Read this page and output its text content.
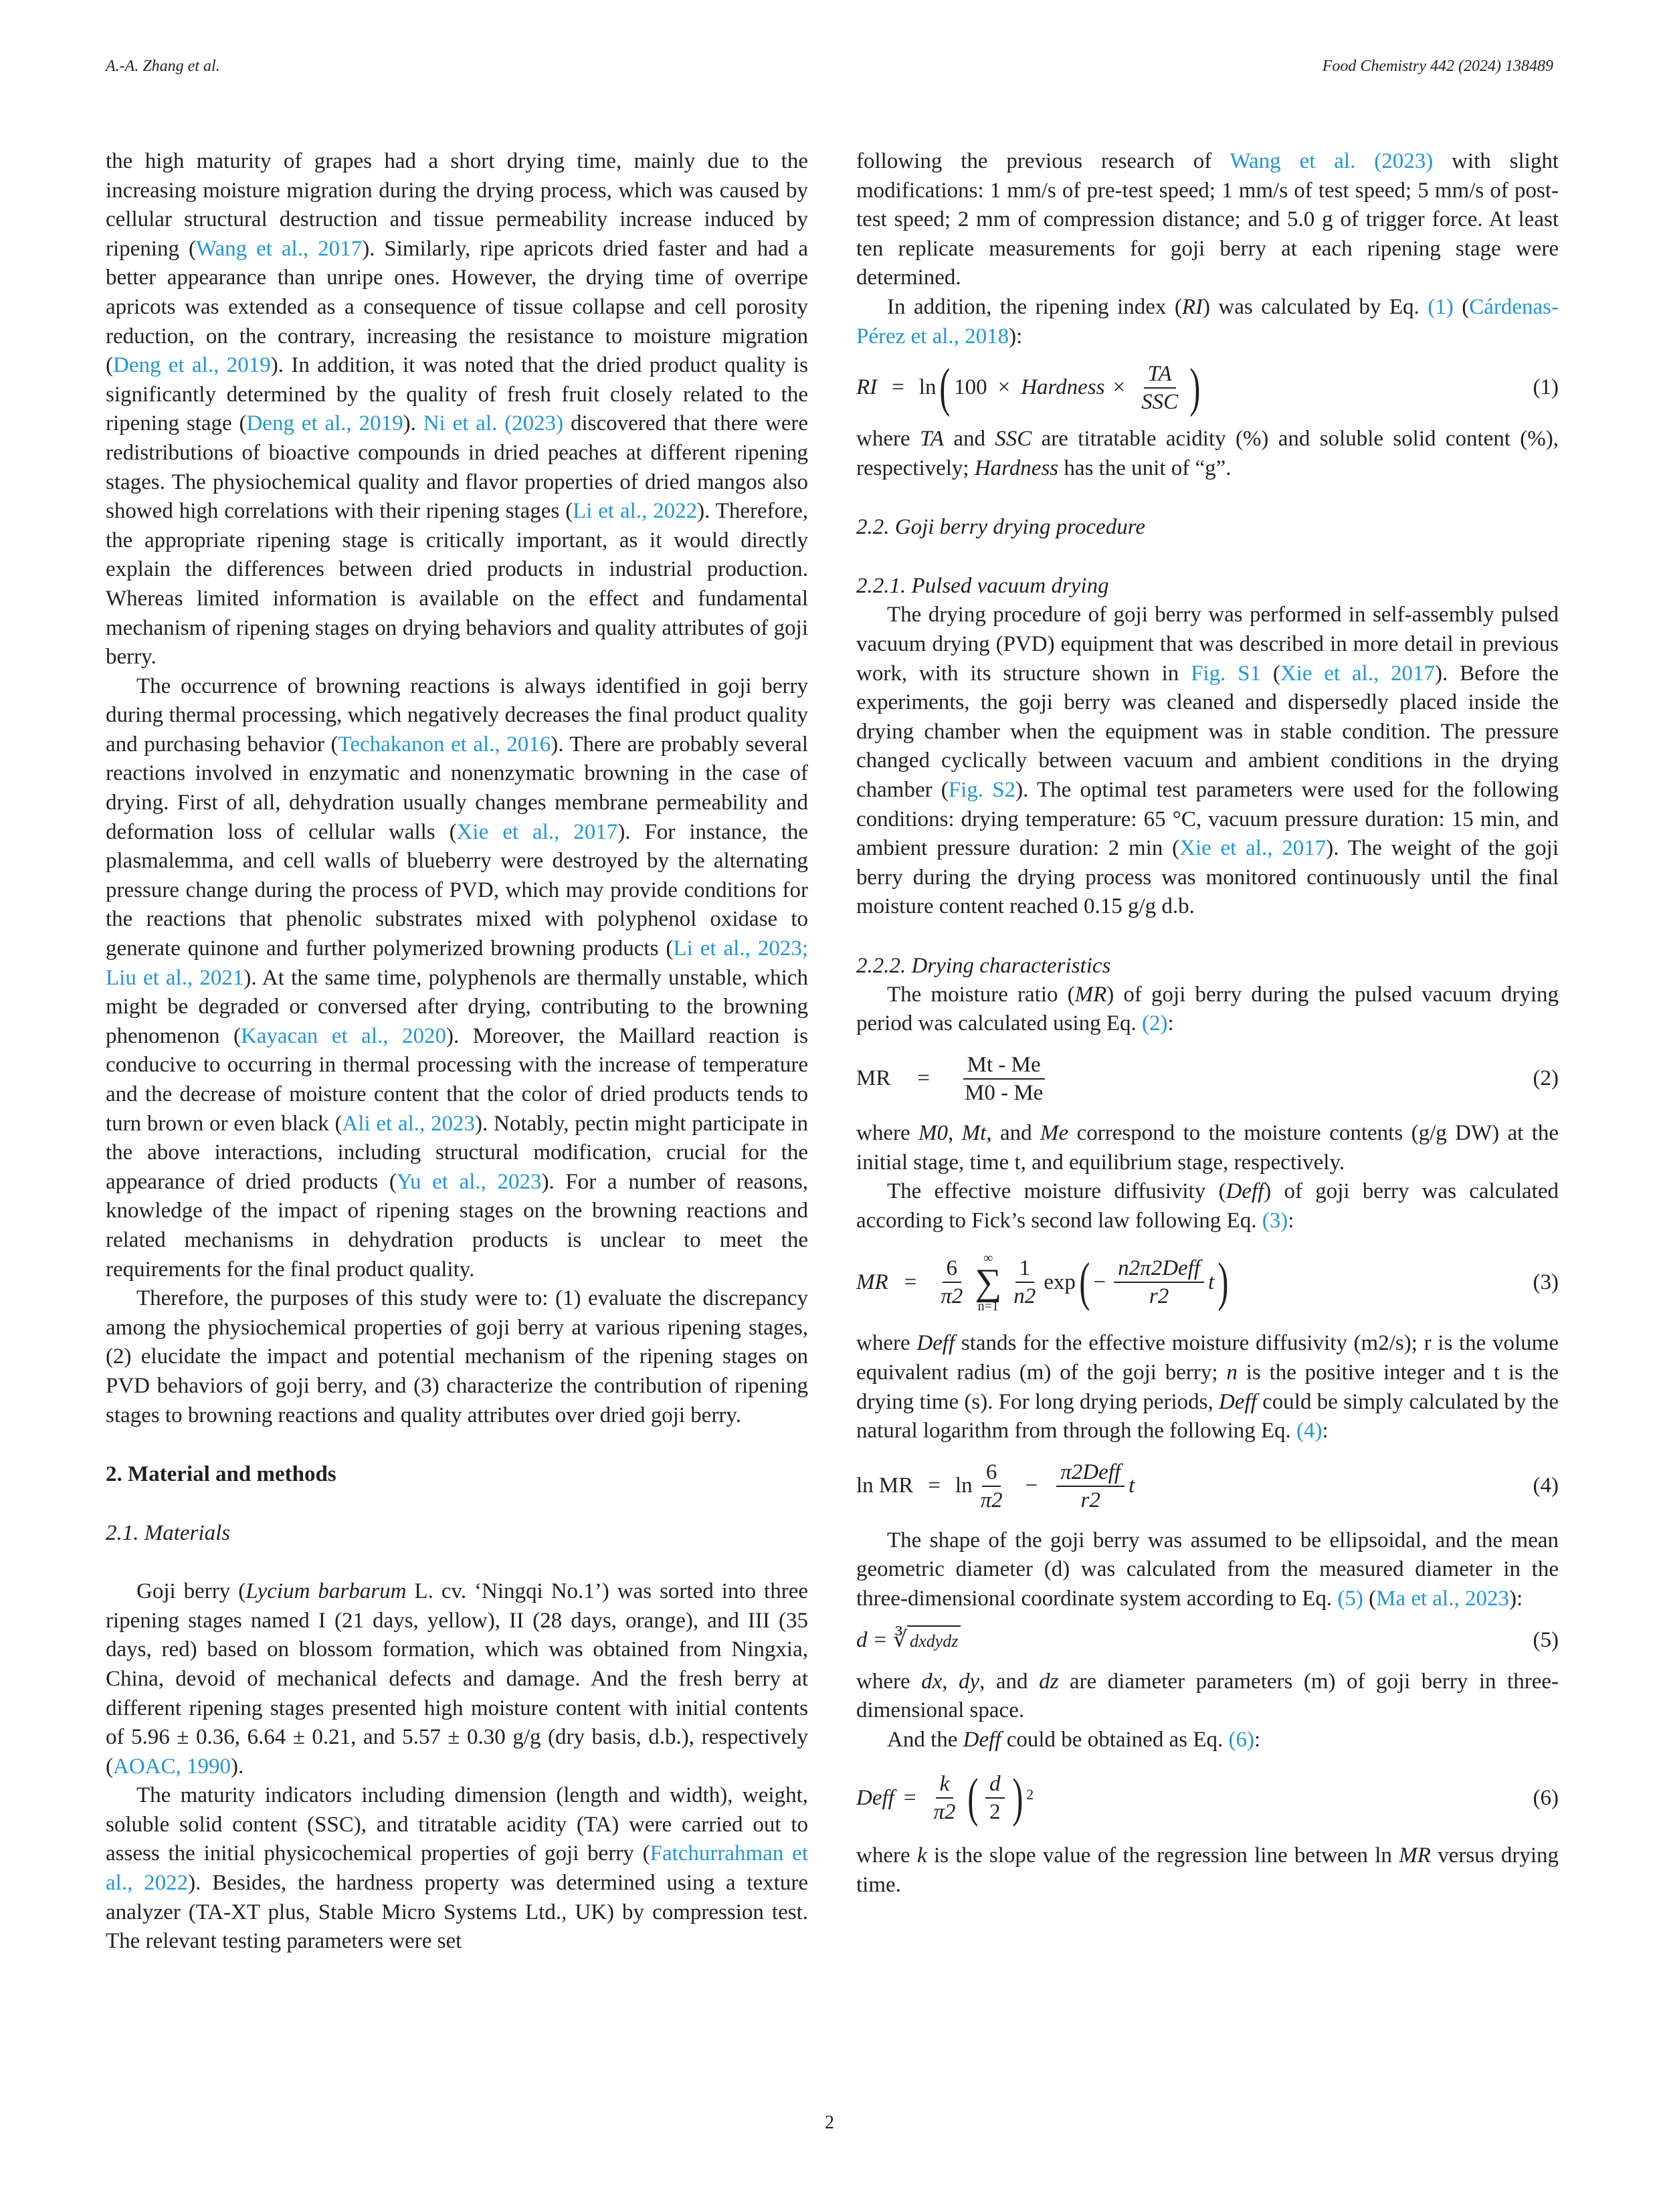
A.-A. Zhang et al.	Food Chemistry 442 (2024) 138489

the high maturity of grapes had a short drying time, mainly due to the increasing moisture migration during the drying process, which was caused by cellular structural destruction and tissue permeability increase induced by ripening (Wang et al., 2017). Similarly, ripe apricots dried faster and had a better appearance than unripe ones. However, the drying time of overripe apricots was extended as a consequence of tissue collapse and cell porosity reduction, on the contrary, increasing the resistance to moisture migration (Deng et al., 2019). In addition, it was noted that the dried product quality is significantly determined by the quality of fresh fruit closely related to the ripening stage (Deng et al., 2019). Ni et al. (2023) discovered that there were redistributions of bioactive compounds in dried peaches at different ripening stages. The physiochemical quality and flavor properties of dried mangos also showed high correlations with their ripening stages (Li et al., 2022). Therefore, the appropriate ripening stage is critically important, as it would directly explain the differences between dried products in industrial production. Whereas limited information is available on the effect and fundamental mechanism of ripening stages on drying behaviors and quality attributes of goji berry.

The occurrence of browning reactions is always identified in goji berry during thermal processing, which negatively decreases the final product quality and purchasing behavior (Techakanon et al., 2016). There are probably several reactions involved in enzymatic and nonenzymatic browning in the case of drying. First of all, dehydration usually changes membrane permeability and deformation loss of cellular walls (Xie et al., 2017). For instance, the plasmalemma, and cell walls of blueberry were destroyed by the alternating pressure change during the process of PVD, which may provide conditions for the reactions that phenolic substrates mixed with polyphenol oxidase to generate quinone and further polymerized browning products (Li et al., 2023; Liu et al., 2021). At the same time, polyphenols are thermally unstable, which might be degraded or conversed after drying, contributing to the browning phenomenon (Kayacan et al., 2020). Moreover, the Maillard reaction is conducive to occurring in thermal processing with the increase of temperature and the decrease of moisture content that the color of dried products tends to turn brown or even black (Ali et al., 2023). Notably, pectin might participate in the above interactions, including structural modification, crucial for the appearance of dried products (Yu et al., 2023). For a number of reasons, knowledge of the impact of ripening stages on the browning reactions and related mechanisms in dehydration products is unclear to meet the requirements for the final product quality.

Therefore, the purposes of this study were to: (1) evaluate the discrepancy among the physiochemical properties of goji berry at various ripening stages, (2) elucidate the impact and potential mechanism of the ripening stages on PVD behaviors of goji berry, and (3) characterize the contribution of ripening stages to browning reactions and quality attributes over dried goji berry.

2. Material and methods

2.1. Materials

Goji berry (Lycium barbarum L. cv. ‘Ningqi No.1’) was sorted into three ripening stages named I (21 days, yellow), II (28 days, orange), and III (35 days, red) based on blossom formation, which was obtained from Ningxia, China, devoid of mechanical defects and damage. And the fresh berry at different ripening stages presented high moisture content with initial contents of 5.96 ± 0.36, 6.64 ± 0.21, and 5.57 ± 0.30 g/g (dry basis, d.b.), respectively (AOAC, 1990).

The maturity indicators including dimension (length and width), weight, soluble solid content (SSC), and titratable acidity (TA) were carried out to assess the initial physicochemical properties of goji berry (Fatchurrahman et al., 2022). Besides, the hardness property was determined using a texture analyzer (TA-XT plus, Stable Micro Systems Ltd., UK) by compression test. The relevant testing parameters were set

following the previous research of Wang et al. (2023) with slight modifications: 1 mm/s of pre-test speed; 1 mm/s of test speed; 5 mm/s of post-test speed; 2 mm of compression distance; and 5.0 g of trigger force. At least ten replicate measurements for goji berry at each ripening stage were determined.

In addition, the ripening index (RI) was calculated by Eq. (1) (Cárdenas-Pérez et al., 2018):

RI = ln ( 100 × Hardness × $\frac{TA}{\text{SSC}}$ )	(1)

where TA and SSC are titratable acidity (%) and soluble solid content (%), respectively; Hardness has the unit of “g”.

2.2. Goji berry drying procedure

2.2.1. Pulsed vacuum drying

The drying procedure of goji berry was performed in self-assembly pulsed vacuum drying (PVD) equipment that was described in more detail in previous work, with its structure shown in Fig. S1 (Xie et al., 2017). Before the experiments, the goji berry was cleaned and dispersedly placed inside the drying chamber when the equipment was in stable condition. The pressure changed cyclically between vacuum and ambient conditions in the drying chamber (Fig. S2). The optimal test parameters were used for the following conditions: drying temperature: 65 °C, vacuum pressure duration: 15 min, and ambient pressure duration: 2 min (Xie et al., 2017). The weight of the goji berry during the drying process was monitored continuously until the final moisture content reached 0.15 g/g d.b.

2.2.2. Drying characteristics

The moisture ratio (MR) of goji berry during the pulsed vacuum drying period was calculated using Eq. (2):

MR = $\frac{Mt - Me}{M0 - Me}$	(2)

where M0, Mt, and Me correspond to the moisture contents (g/g DW) at the initial stage, time t, and equilibrium stage, respectively.

The effective moisture diffusivity (Deff) of goji berry was calculated according to Fick’s second law following Eq. (3):

MR = $\frac{6}{\pi 2}$ ∞
∑
$n=1 \frac{1}{n2}$ exp ( − $\frac{\text{n2π2Deff}}{r2}$ t )	(3)

where Deff stands for the effective moisture diffusivity (m2/s); r is the volume equivalent radius (m) of the goji berry; n is the positive integer and t is the drying time (s). For long drying periods, Deff could be simply calculated by the natural logarithm from through the following Eq. (4):

ln MR = $\ln \frac{6}{\pi 2} - \frac{\text{π2Deff}}{r2}$ t	(4)

The shape of the goji berry was assumed to be ellipsoidal, and the mean geometric diameter (d) was calculated from the measured diameter in the three-dimensional coordinate system according to Eq. (5) (Ma et al., 2023):

d = ∛ dxdydz	(5)

where dx, dy, and dz are diameter parameters (m) of goji berry in three-dimensional space.

And the Deff could be obtained as Eq. (6):

Deff = $\frac{k}{\pi 2}$ ( $\frac{d}{2}$ ) 2	(6)

where k is the slope value of the regression line between ln MR versus drying time.

2
